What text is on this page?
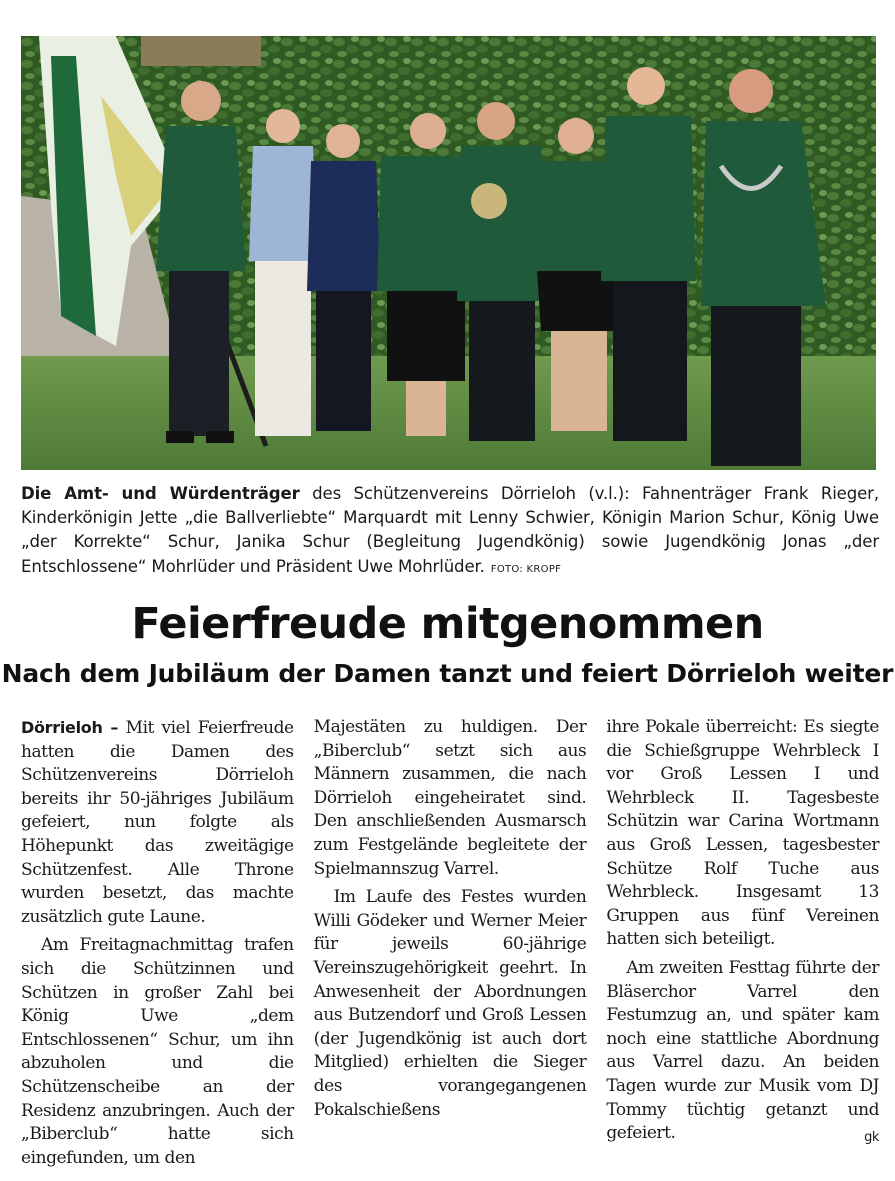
Die Amt- und Würdenträger des Schützenvereins Dörrieloh (v.l.): Fahnenträger Frank Rieger, Kinderkönigin Jette „die Ballverliebte“ Marquardt mit Lenny Schwier, Königin Marion Schur, König Uwe „der Korrekte“ Schur, Janika Schur (Begleitung Jugendkönig) sowie Jugendkönig Jonas „der Entschlossene“ Mohrlüder und Präsident Uwe Mohrlüder. FOTO: KROPF

Feierfreude mitgenommen
Nach dem Jubiläum der Damen tanzt und feiert Dörrieloh weiter

Dörrieloh – Mit viel Feierfreude hatten die Damen des Schützenvereins Dörrieloh bereits ihr 50-jähriges Jubiläum gefeiert, nun folgte als Höhepunkt das zweitägige Schützenfest. Alle Throne wurden besetzt, das machte zusätzlich gute Laune.

Am Freitagnachmittag trafen sich die Schützinnen und Schützen in großer Zahl bei König Uwe „dem Entschlossenen“ Schur, um ihn abzuholen und die Schützenscheibe an der Residenz anzubringen. Auch der „Biberclub“ hatte sich eingefunden, um den

Majestäten zu huldigen. Der „Biberclub“ setzt sich aus Männern zusammen, die nach Dörrieloh eingeheiratet sind. Den anschließenden Ausmarsch zum Festgelände begleitete der Spielmannszug Varrel.

Im Laufe des Festes wurden Willi Gödeker und Werner Meier für jeweils 60-jährige Vereinszugehörigkeit geehrt. In Anwesenheit der Abordnungen aus Butzendorf und Groß Lessen (der Jugendkönig ist auch dort Mitglied) erhielten die Sieger des vorangegangenen Pokalschießens

ihre Pokale überreicht: Es siegte die Schießgruppe Wehrbleck I vor Groß Lessen I und Wehrbleck II. Tagesbeste Schützin war Carina Wortmann aus Groß Lessen, tagesbester Schütze Rolf Tuche aus Wehrbleck. Insgesamt 13 Gruppen aus fünf Vereinen hatten sich beteiligt.

Am zweiten Festtag führte der Bläserchor Varrel den Festumzug an, und später kam noch eine stattliche Abordnung aus Varrel dazu. An beiden Tagen wurde zur Musik vom DJ Tommy tüchtig getanzt und gefeiert.	gk
